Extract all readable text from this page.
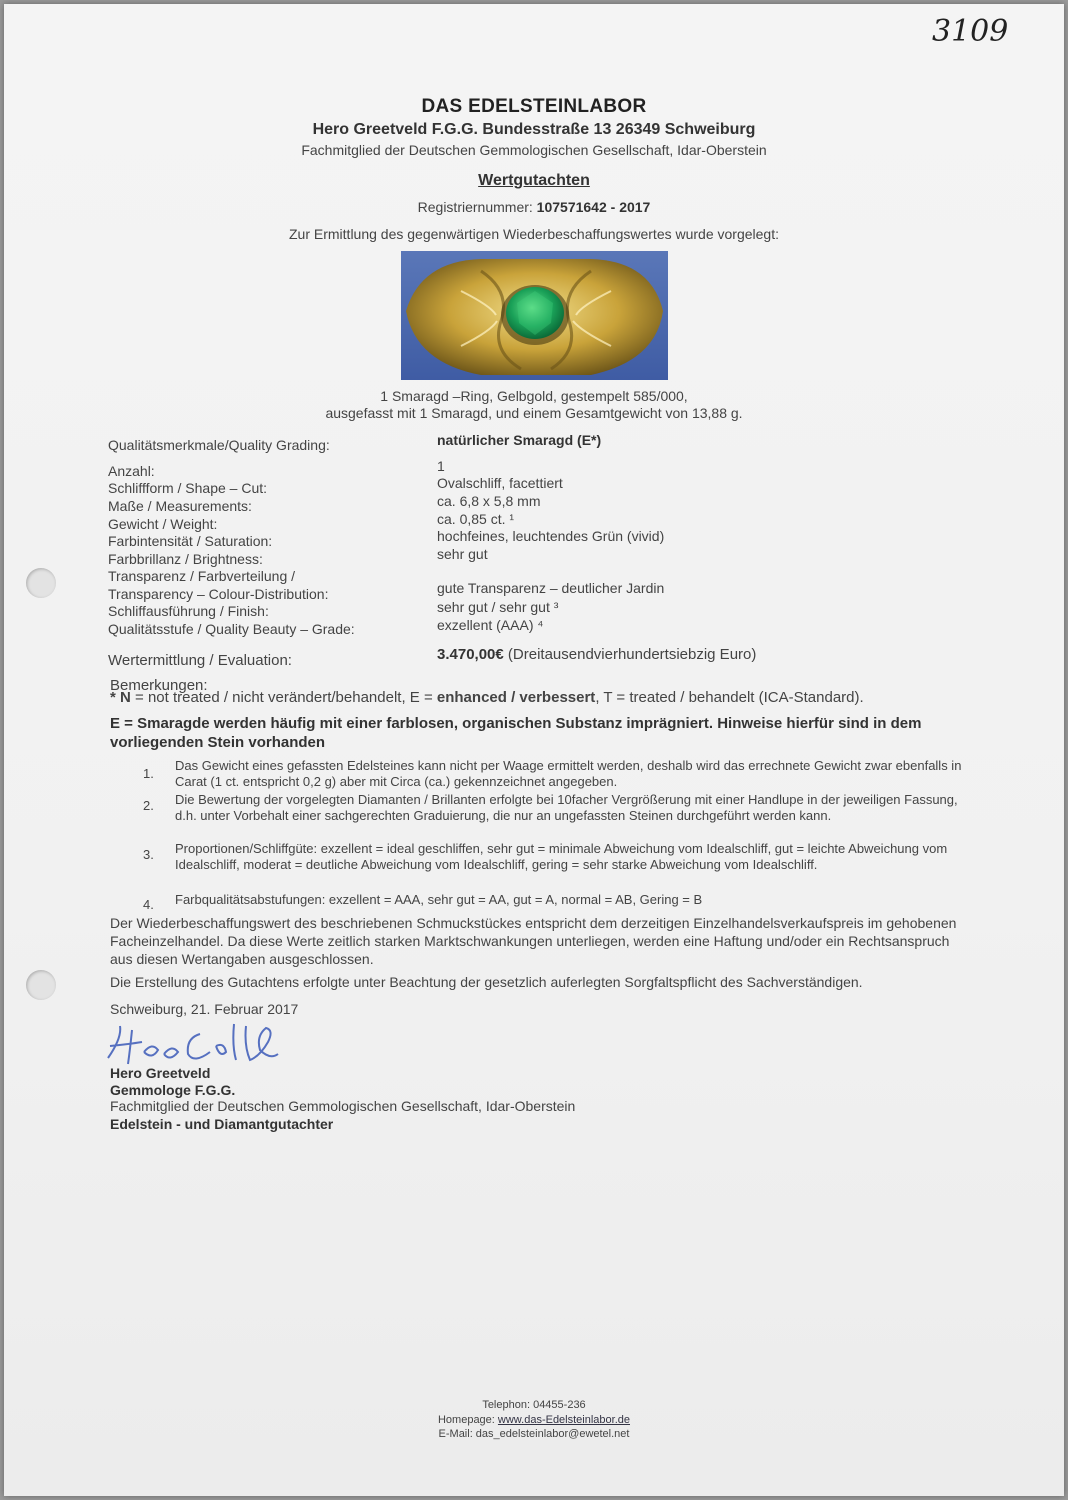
3109
DAS EDELSTEINLABOR
Hero Greetveld F.G.G. Bundesstraße 13 26349 Schweiburg
Fachmitglied der Deutschen Gemmologischen Gesellschaft, Idar-Oberstein
Wertgutachten
Registriernummer: 107571642 - 2017
Zur Ermittlung des gegenwärtigen Wiederbeschaffungswertes wurde vorgelegt:
1 Smaragd –Ring, Gelbgold, gestempelt 585/000,
ausgefasst mit 1 Smaragd, und einem Gesamtgewicht von 13,88 g.
Qualitätsmerkmale/Quality Grading:	natürlicher Smaragd (E*)
Anzahl:	1
Schliffform / Shape – Cut:	Ovalschliff, facettiert
Maße / Measurements:	ca. 6,8 x 5,8 mm
Gewicht / Weight:	ca. 0,85 ct. ¹
Farbintensität / Saturation:	hochfeines, leuchtendes Grün (vivid)
Farbbrillanz / Brightness:	sehr gut
Transparenz / Farbverteilung /
Transparency – Colour-Distribution:	gute Transparenz – deutlicher Jardin
Schliffausführung / Finish:	sehr gut / sehr gut ³
Qualitätsstufe / Quality Beauty – Grade:	exzellent (AAA) ⁴
Wertermittlung / Evaluation:	3.470,00€ (Dreitausendvierhundertsiebzig Euro)
Bemerkungen:
* N = not treated / nicht verändert/behandelt, E = enhanced / verbessert, T = treated / behandelt (ICA-Standard).
E = Smaragde werden häufig mit einer farblosen, organischen Substanz imprägniert. Hinweise hierfür sind in dem vorliegenden Stein vorhanden
1.
Das Gewicht eines gefassten Edelsteines kann nicht per Waage ermittelt werden, deshalb wird das errechnete Gewicht zwar ebenfalls in Carat (1 ct. entspricht 0,2 g) aber mit Circa (ca.) gekennzeichnet angegeben.
2. Die Bewertung der vorgelegten Diamanten / Brillanten erfolgte bei 10facher Vergrößerung mit einer Handlupe in der jeweiligen Fassung, d.h. unter Vorbehalt einer sachgerechten Graduierung, die nur an ungefassten Steinen durchgeführt werden kann.
3. Proportionen/Schliffgüte: exzellent = ideal geschliffen, sehr gut = minimale Abweichung vom Idealschliff, gut = leichte Abweichung vom Idealschliff, moderat = deutliche Abweichung vom Idealschliff, gering = sehr starke Abweichung vom Idealschliff.
4. Farbqualitätsabstufungen: exzellent = AAA, sehr gut = AA, gut = A, normal = AB, Gering = B
Der Wiederbeschaffungswert des beschriebenen Schmuckstückes entspricht dem derzeitigen Einzelhandelsverkaufspreis im gehobenen Facheinzelhandel. Da diese Werte zeitlich starken Marktschwankungen unterliegen, werden eine Haftung und/oder ein Rechtsanspruch aus diesen Wertangaben ausgeschlossen.
Die Erstellung des Gutachtens erfolgte unter Beachtung der gesetzlich auferlegten Sorgfaltspflicht des Sachverständigen.
Schweiburg, 21. Februar 2017
Hero Greetveld
Gemmologe F.G.G.
Fachmitglied der Deutschen Gemmologischen Gesellschaft, Idar-Oberstein
Edelstein - und Diamantgutachter
Telephon: 04455-236
Homepage: www.das-Edelsteinlabor.de
E-Mail: das_edelsteinlabor@ewetel.net
